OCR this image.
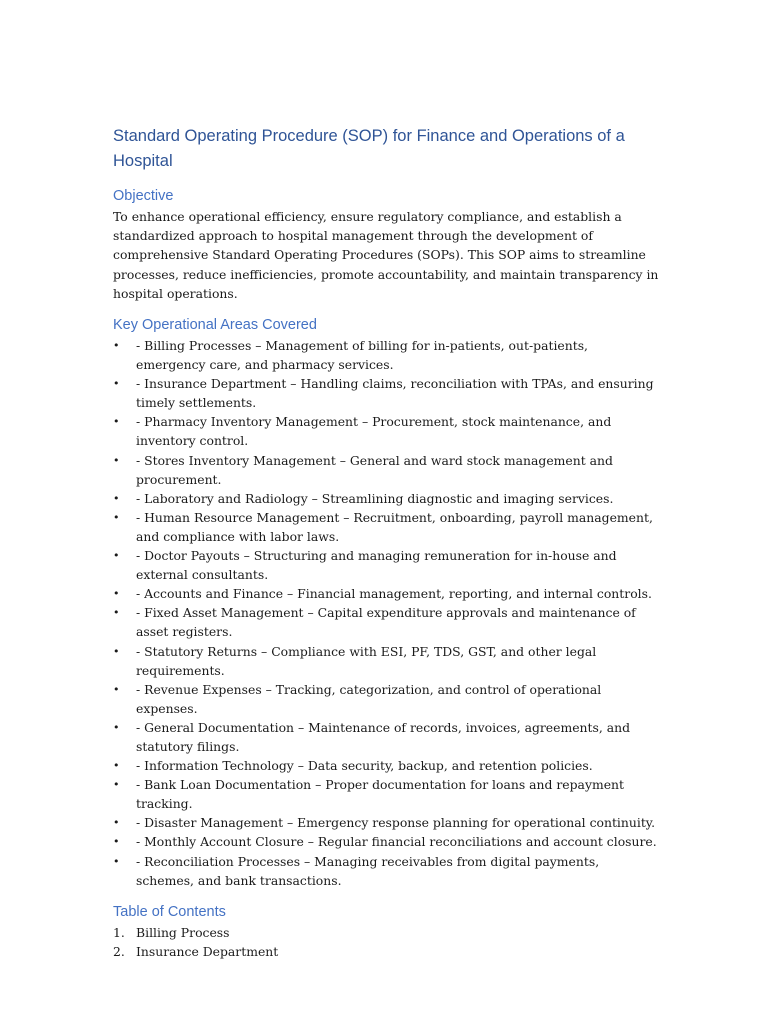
Standard Operating Procedure (SOP) for Finance and Operations of a Hospital
Objective

To enhance operational efficiency, ensure regulatory compliance, and establish a standardized approach to hospital management through the development of comprehensive Standard Operating Procedures (SOPs). This SOP aims to streamline processes, reduce inefficiencies, promote accountability, and maintain transparency in hospital operations.

Key Operational Areas Covered
• - Billing Processes – Management of billing for in-patients, out-patients, emergency care, and pharmacy services.
• - Insurance Department – Handling claims, reconciliation with TPAs, and ensuring timely settlements.
• - Pharmacy Inventory Management – Procurement, stock maintenance, and inventory control.
• - Stores Inventory Management – General and ward stock management and procurement.
• - Laboratory and Radiology – Streamlining diagnostic and imaging services.
• - Human Resource Management – Recruitment, onboarding, payroll management, and compliance with labor laws.
• - Doctor Payouts – Structuring and managing remuneration for in-house and external consultants.
• - Accounts and Finance – Financial management, reporting, and internal controls.
• - Fixed Asset Management – Capital expenditure approvals and maintenance of asset registers.
• - Statutory Returns – Compliance with ESI, PF, TDS, GST, and other legal requirements.
• - Revenue Expenses – Tracking, categorization, and control of operational expenses.
• - General Documentation – Maintenance of records, invoices, agreements, and statutory filings.
• - Information Technology – Data security, backup, and retention policies.
• - Bank Loan Documentation – Proper documentation for loans and repayment tracking.
• - Disaster Management – Emergency response planning for operational continuity.
• - Monthly Account Closure – Regular financial reconciliations and account closure.
• - Reconciliation Processes – Managing receivables from digital payments, schemes, and bank transactions.
Table of Contents
1. Billing Process
2. Insurance Department
